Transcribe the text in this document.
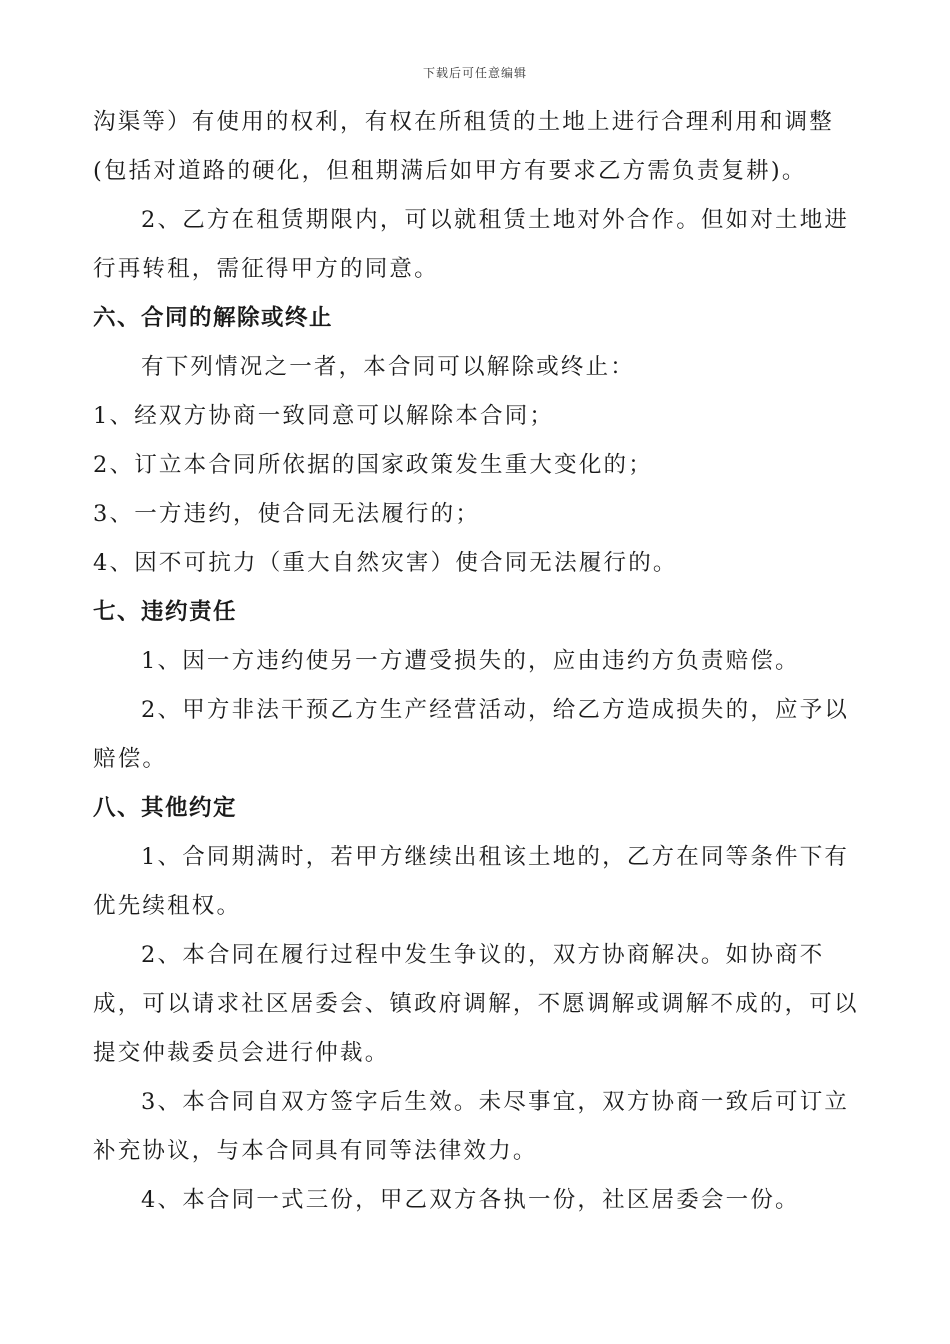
下载后可任意编辑

沟渠等）有使用的权利，有权在所租赁的土地上进行合理利用和调整(包括对道路的硬化，但租期满后如甲方有要求乙方需负责复耕)。

2、乙方在租赁期限内，可以就租赁土地对外合作。但如对土地进行再转租，需征得甲方的同意。

六、合同的解除或终止

有下列情况之一者，本合同可以解除或终止：

1、经双方协商一致同意可以解除本合同；

2、订立本合同所依据的国家政策发生重大变化的；

3、一方违约，使合同无法履行的；

4、因不可抗力（重大自然灾害）使合同无法履行的。

七、违约责任

1、因一方违约使另一方遭受损失的，应由违约方负责赔偿。

2、甲方非法干预乙方生产经营活动，给乙方造成损失的，应予以赔偿。

八、其他约定

1、合同期满时，若甲方继续出租该土地的，乙方在同等条件下有优先续租权。

2、本合同在履行过程中发生争议的，双方协商解决。如协商不成，可以请求社区居委会、镇政府调解，不愿调解或调解不成的，可以提交仲裁委员会进行仲裁。

3、本合同自双方签字后生效。未尽事宜，双方协商一致后可订立补充协议，与本合同具有同等法律效力。

4、本合同一式三份，甲乙双方各执一份，社区居委会一份。
